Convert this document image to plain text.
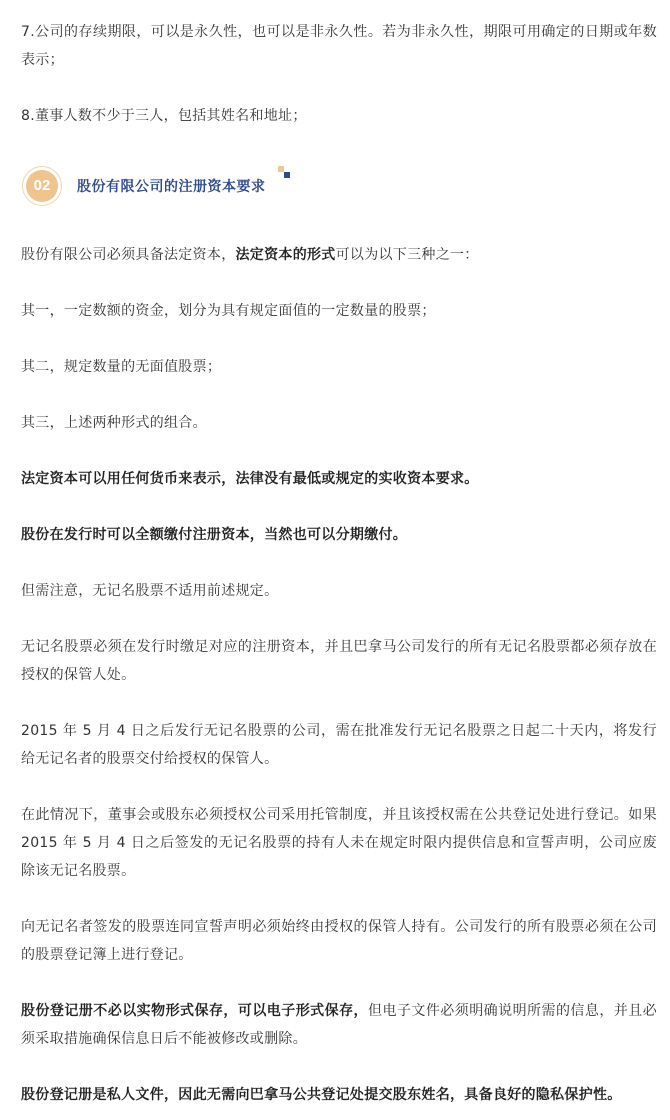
7.公司的存续期限，可以是永久性，也可以是非永久性。若为非永久性，期限可用确定的日期或年数表示；

8.董事人数不少于三人，包括其姓名和地址；

02	股份有限公司的注册资本要求

股份有限公司必须具备法定资本，法定资本的形式可以为以下三种之一：

其一，一定数额的资金，划分为具有规定面值的一定数量的股票；

其二，规定数量的无面值股票；

其三，上述两种形式的组合。

法定资本可以用任何货币来表示，法律没有最低或规定的实收资本要求。

股份在发行时可以全额缴付注册资本，当然也可以分期缴付。

但需注意，无记名股票不适用前述规定。

无记名股票必须在发行时缴足对应的注册资本，并且巴拿马公司发行的所有无记名股票都必须存放在授权的保管人处。

2015 年 5 月 4 日之后发行无记名股票的公司，需在批准发行无记名股票之日起二十天内，将发行给无记名者的股票交付给授权的保管人。

在此情况下，董事会或股东必须授权公司采用托管制度，并且该授权需在公共登记处进行登记。如果 2015 年 5 月 4 日之后签发的无记名股票的持有人未在规定时限内提供信息和宣誓声明，公司应废除该无记名股票。

向无记名者签发的股票连同宣誓声明必须始终由授权的保管人持有。公司发行的所有股票必须在公司的股票登记簿上进行登记。

股份登记册不必以实物形式保存，可以电子形式保存，但电子文件必须明确说明所需的信息，并且必须采取措施确保信息日后不能被修改或删除。

股份登记册是私人文件，因此无需向巴拿马公共登记处提交股东姓名，具备良好的隐私保护性。
